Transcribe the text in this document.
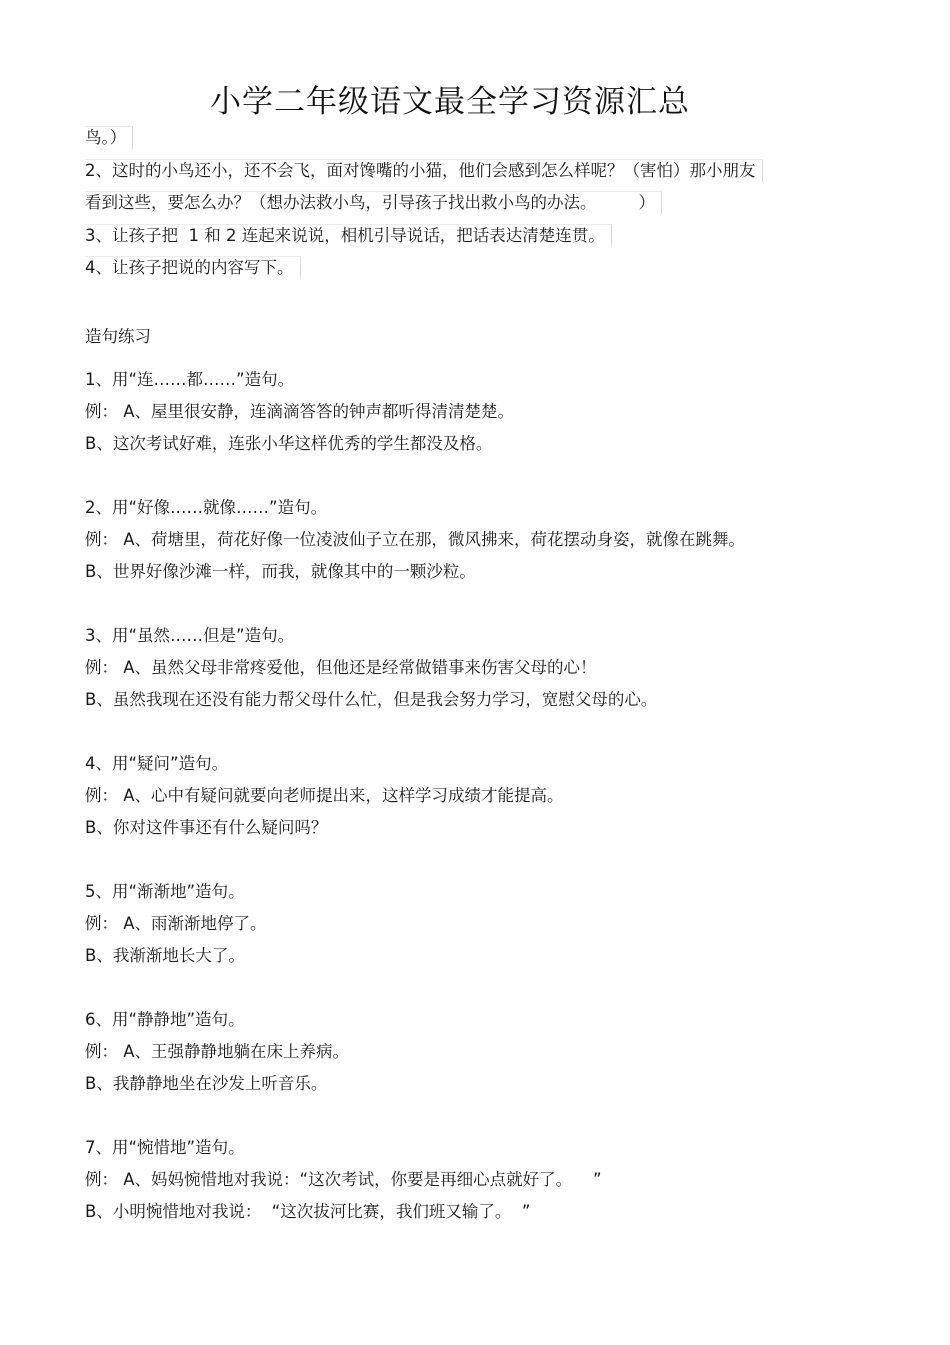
小学二年级语文最全学习资源汇总
鸟。）
2、这时的小鸟还小，还不会飞，面对馋嘴的小猫，他们会感到怎么样呢？（害怕）那小朋友
看到这些，要怎么办？（想办法救小鸟，引导孩子找出救小鸟的办法。        ）
3、让孩子把  1 和 2 连起来说说，相机引导说话，把话表达清楚连贯。
4、让孩子把说的内容写下。
造句练习
1、用“连……都……”造句。
例： A、屋里很安静，连滴滴答答的钟声都听得清清楚楚。
B、这次考试好难，连张小华这样优秀的学生都没及格。
2、用“好像……就像……”造句。
例： A、荷塘里，荷花好像一位凌波仙子立在那，微风拂来，荷花摆动身姿，就像在跳舞。
B、世界好像沙滩一样，而我，就像其中的一颗沙粒。
3、用“虽然……但是”造句。
例： A、虽然父母非常疼爱他，但他还是经常做错事来伤害父母的心！
B、虽然我现在还没有能力帮父母什么忙，但是我会努力学习，宽慰父母的心。
4、用“疑问”造句。
例： A、心中有疑问就要向老师提出来，这样学习成绩才能提高。
B、你对这件事还有什么疑问吗？
5、用“渐渐地”造句。
例： A、雨渐渐地停了。
B、我渐渐地长大了。
6、用“静静地”造句。
例： A、王强静静地躺在床上养病。
B、我静静地坐在沙发上听音乐。
7、用“惋惜地”造句。
例： A、妈妈惋惜地对我说：“这次考试，你要是再细心点就好了。    ”
B、小明惋惜地对我说：  “这次拔河比赛，我们班又输了。  ”
